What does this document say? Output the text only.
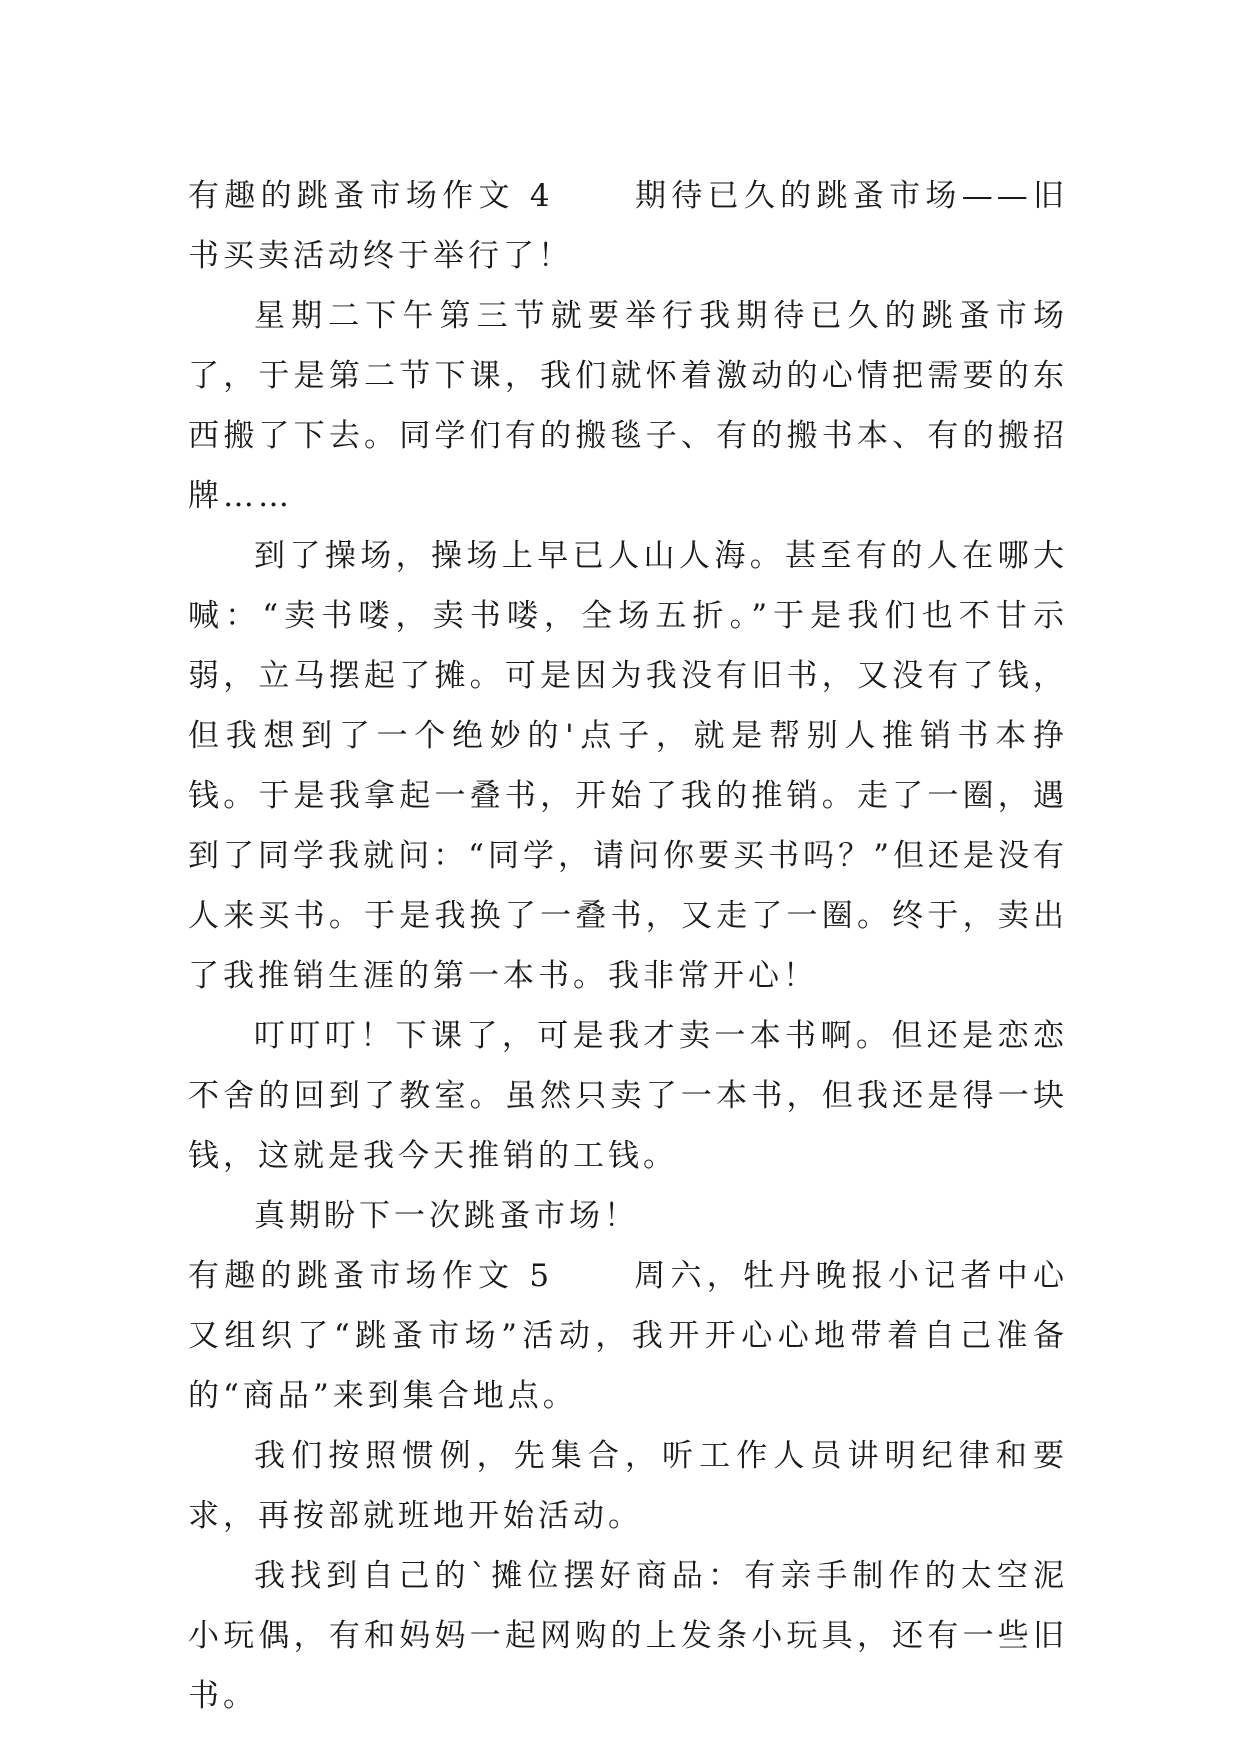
有趣的跳蚤市场作文 4	期待已久的跳蚤市场——旧书买卖活动终于举行了！

星期二下午第三节就要举行我期待已久的跳蚤市场了，于是第二节下课，我们就怀着激动的心情把需要的东西搬了下去。同学们有的搬毯子、有的搬书本、有的搬招牌……

到了操场，操场上早已人山人海。甚至有的人在哪大喊：“卖书喽，卖书喽，全场五折。”于是我们也不甘示弱，立马摆起了摊。可是因为我没有旧书，又没有了钱，但我想到了一个绝妙的'点子，就是帮别人推销书本挣钱。于是我拿起一叠书，开始了我的推销。走了一圈，遇到了同学我就问：“同学，请问你要买书吗？”但还是没有人来买书。于是我换了一叠书，又走了一圈。终于，卖出了我推销生涯的第一本书。我非常开心！

叮叮叮！下课了，可是我才卖一本书啊。但还是恋恋不舍的回到了教室。虽然只卖了一本书，但我还是得一块钱，这就是我今天推销的工钱。

真期盼下一次跳蚤市场！

有趣的跳蚤市场作文 5	周六，牡丹晚报小记者中心又组织了“跳蚤市场”活动，我开开心心地带着自己准备的“商品”来到集合地点。

我们按照惯例，先集合，听工作人员讲明纪律和要求，再按部就班地开始活动。

我找到自己的`摊位摆好商品：有亲手制作的太空泥小玩偶，有和妈妈一起网购的上发条小玩具，还有一些旧书。
